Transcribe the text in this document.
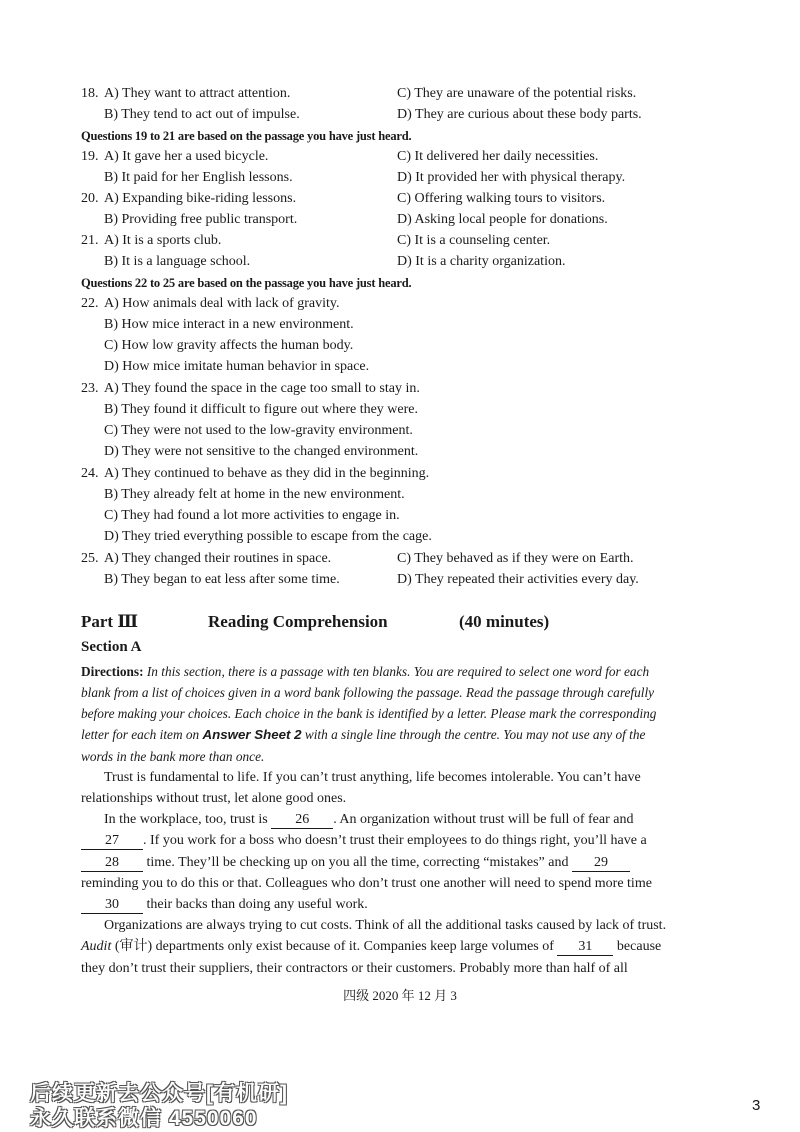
18. A) They want to attract attention.	C) They are unaware of the potential risks.
B) They tend to act out of impulse.	D) They are curious about these body parts.
Questions 19 to 21 are based on the passage you have just heard.
19. A) It gave her a used bicycle.	C) It delivered her daily necessities.
B) It paid for her English lessons.	D) It provided her with physical therapy.
20. A) Expanding bike-riding lessons.	C) Offering walking tours to visitors.
B) Providing free public transport.	D) Asking local people for donations.
21. A) It is a sports club.	C) It is a counseling center.
B) It is a language school.	D) It is a charity organization.
Questions 22 to 25 are based on the passage you have just heard.
22. A) How animals deal with lack of gravity.
B) How mice interact in a new environment.
C) How low gravity affects the human body.
D) How mice imitate human behavior in space.
23. A) They found the space in the cage too small to stay in.
B) They found it difficult to figure out where they were.
C) They were not used to the low-gravity environment.
D) They were not sensitive to the changed environment.
24. A) They continued to behave as they did in the beginning.
B) They already felt at home in the new environment.
C) They had found a lot more activities to engage in.
D) They tried everything possible to escape from the cage.
25. A) They changed their routines in space.	C) They behaved as if they were on Earth.
B) They began to eat less after some time.	D) They repeated their activities every day.
Part Ⅲ	Reading Comprehension	(40 minutes)
Section A
Directions: In this section, there is a passage with ten blanks. You are required to select one word for each
blank from a list of choices given in a word bank following the passage. Read the passage through carefully
before making your choices. Each choice in the bank is identified by a letter. Please mark the corresponding
letter for each item on Answer Sheet 2 with a single line through the centre. You may not use any of the
words in the bank more than once.
Trust is fundamental to life. If you can’t trust anything, life becomes intolerable. You can’t have
relationships without trust, let alone good ones.
In the workplace, too, trust is 26 . An organization without trust will be full of fear and
27 . If you work for a boss who doesn’t trust their employees to do things right, you’ll have a
28 time. They’ll be checking up on you all the time, correcting “mistakes” and 29
reminding you to do this or that. Colleagues who don’t trust one another will need to spend more time
30 their backs than doing any useful work.
Organizations are always trying to cut costs. Think of all the additional tasks caused by lack of trust.
Audit (审计) departments only exist because of it. Companies keep large volumes of 31 because
they don’t trust their suppliers, their contractors or their customers. Probably more than half of all
四级 2020 年 12 月 3
3
后续更新去公众号[有机研]
永久联系微信 4550060
